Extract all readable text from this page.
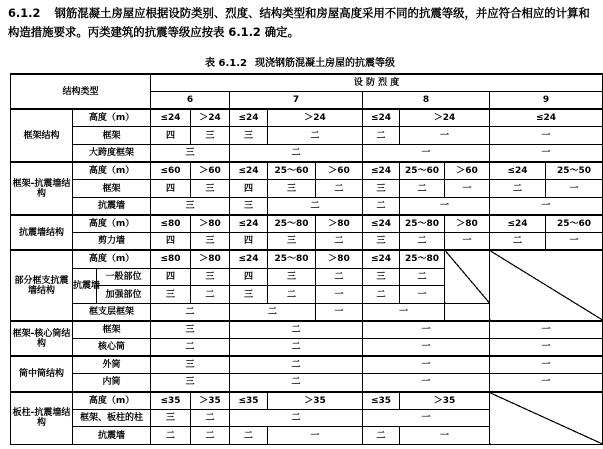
6.1.2 钢筋混凝土房屋应根据设防类别、烈度、结构类型和房屋高度采用不同的抗震等级，并应符合相应的计算和构造措施要求。丙类建筑的抗震等级应按表 6.1.2 确定。
表 6.1.2 现浇钢筋混凝土房屋的抗震等级
结构类型			设 防 烈 度									
			6		7			8			9	
框架结构	高度（m）		≤24	＞24	≤24	＞24		≤24	＞24		≤24	
	框架		四	三	三	二		二	一		一	
	大跨度框架		三		二			一			一	
框架-抗震墙结构	高度（m）		≤60	＞60	≤24	25～60	＞60	≤24	25～60	＞60	≤24	25～50
	框架		四	三	四	三	二	三	二	一	二	一
	抗震墙		三		三	二		二	一		一	
抗震墙结构	高度（m）		≤80	＞80	≤24	25～80	＞80	≤24	25～80	＞80	≤24	25～60
	剪力墙		四	三	四	三	二	三	二	一	二	一
部分框支抗震墙结构	高度（m）		≤80	＞80	≤24	25～80	＞80	≤24	25～80			
	抗震墙	一般部位	四	三	四	三	二	三	二			
		加强部位	三	二	三	二	一	二	一			
	框支层框架		二		二		一	一				
框架-核心筒结构	框架		三		二			一			一	
	核心筒		二		二			一			一	
筒中筒结构	外筒		三		二			一			一	
	内筒		三		二			一			一	
板柱-抗震墙结构	高度（m）		≤35	＞35	≤35	＞35		≤35	＞35			
	框架、板柱的柱		三	二	二			一				
	抗震墙		二	二	二	一		二	一			
